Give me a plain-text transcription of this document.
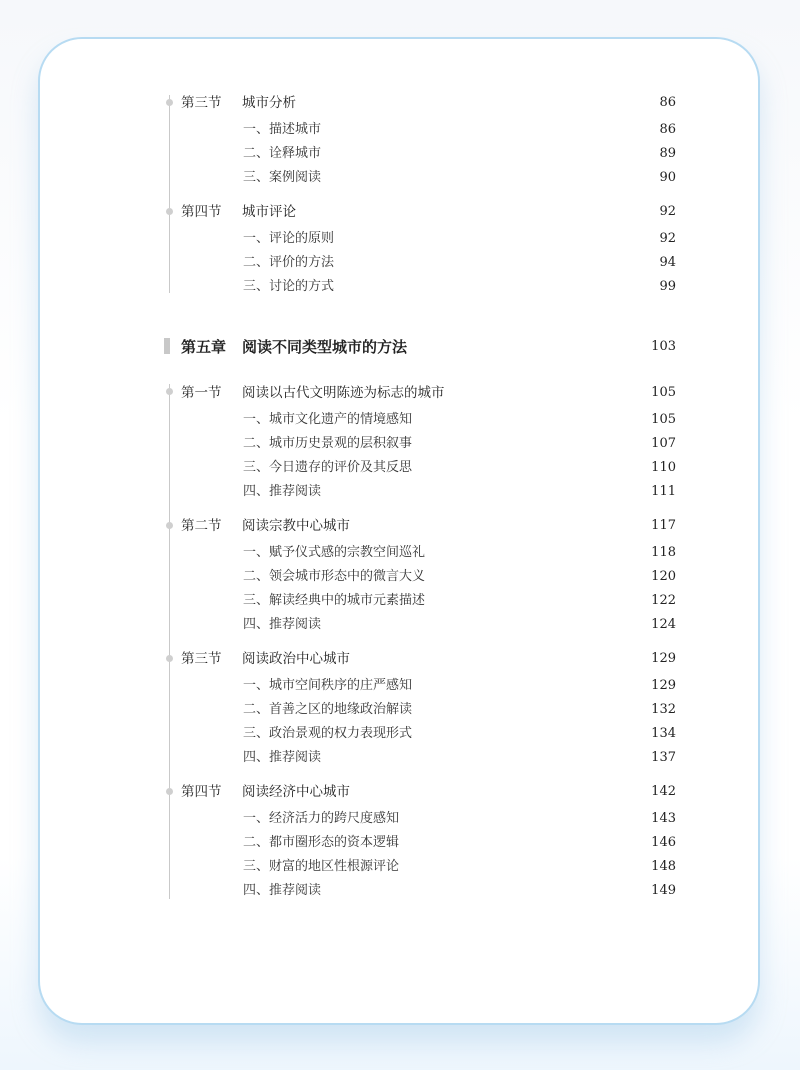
第三节 城市分析	86
一、描述城市	86
二、诠释城市	89
三、案例阅读	90
第四节 城市评论	92
一、评论的原则	92
二、评价的方法	94
三、讨论的方式	99
第五章 阅读不同类型城市的方法	103
第一节 阅读以古代文明陈迹为标志的城市	105
一、城市文化遗产的情境感知	105
二、城市历史景观的层积叙事	107
三、今日遗存的评价及其反思	110
四、推荐阅读	111
第二节 阅读宗教中心城市	117
一、赋予仪式感的宗教空间巡礼	118
二、领会城市形态中的微言大义	120
三、解读经典中的城市元素描述	122
四、推荐阅读	124
第三节 阅读政治中心城市	129
一、城市空间秩序的庄严感知	129
二、首善之区的地缘政治解读	132
三、政治景观的权力表现形式	134
四、推荐阅读	137
第四节 阅读经济中心城市	142
一、经济活力的跨尺度感知	143
二、都市圈形态的资本逻辑	146
三、财富的地区性根源评论	148
四、推荐阅读	149
